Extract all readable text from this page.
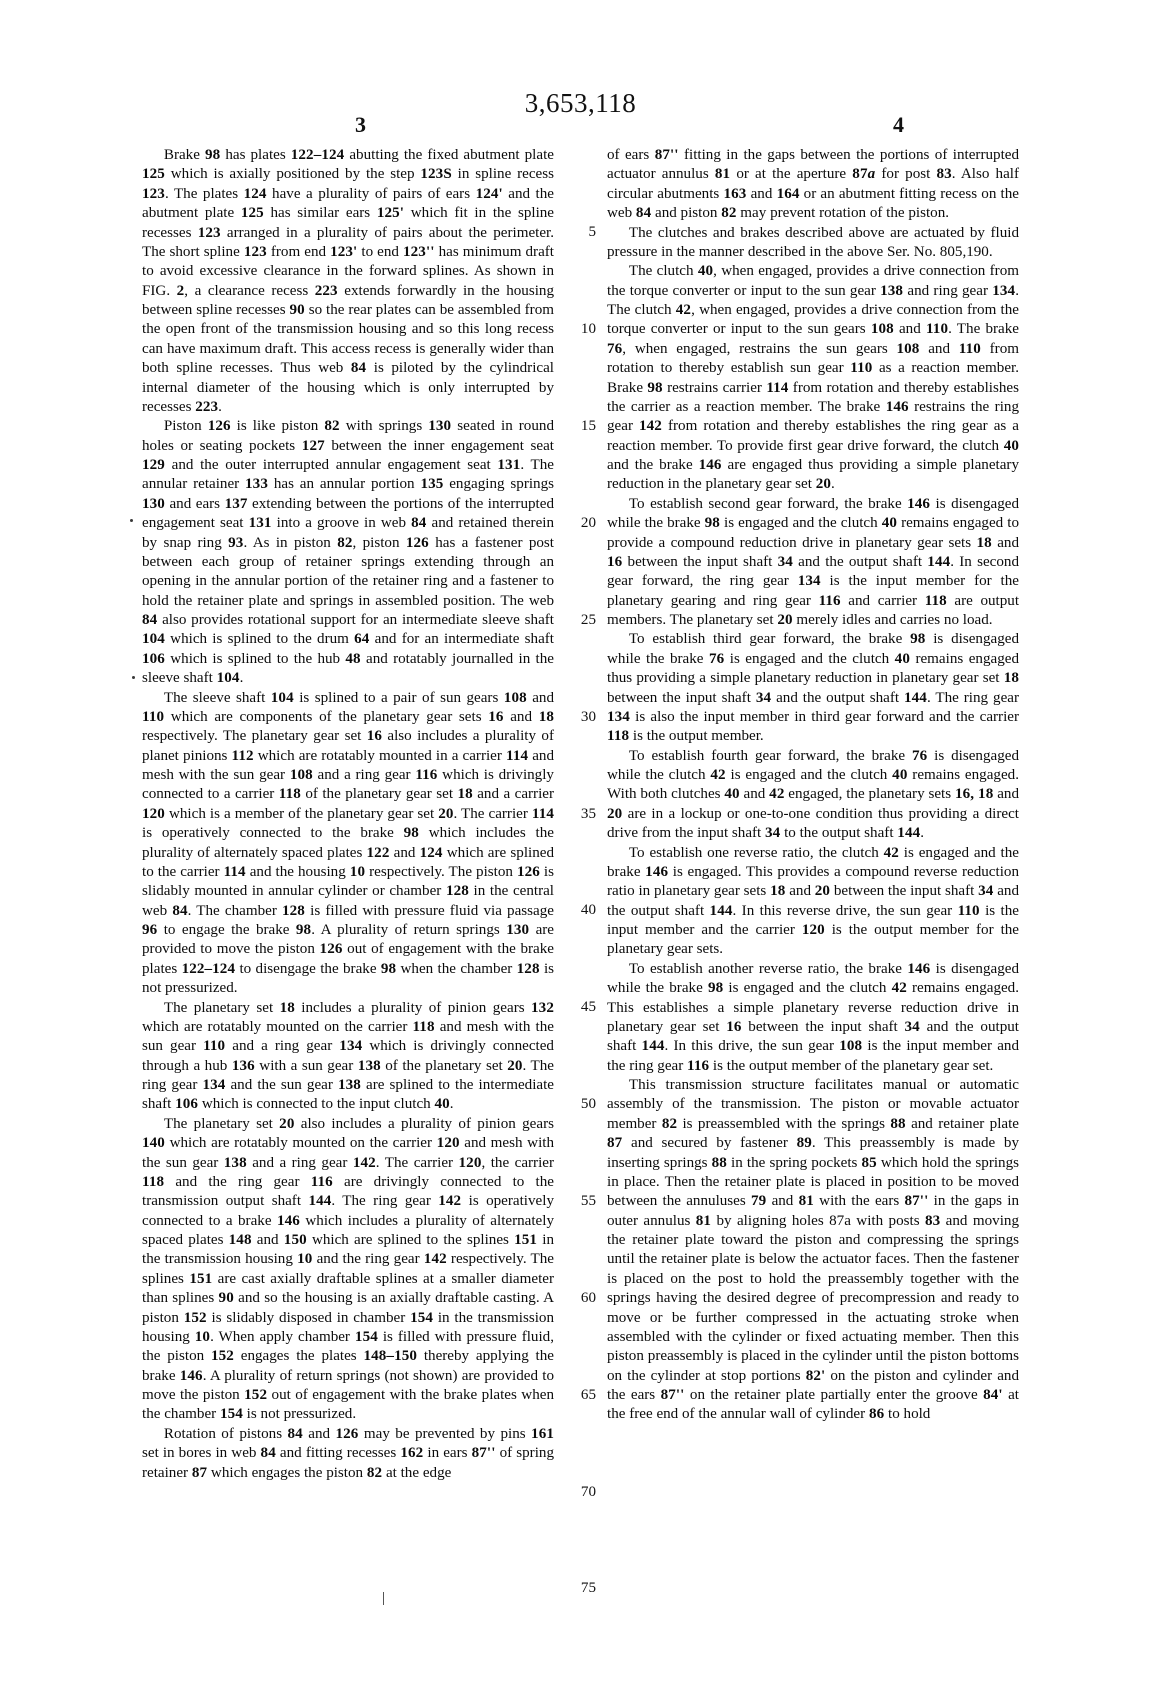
3,653,118
3	4
5
10
15
20
25
30
35
40
45
50
55
60
65
70
75

Brake 98 has plates 122–124 abutting the fixed abutment plate 125 which is axially positioned by the step 123S in spline recess 123. The plates 124 have a plurality of pairs of ears 124' and the abutment plate 125 has similar ears 125' which fit in the spline recesses 123 arranged in a plurality of pairs about the perimeter. The short spline 123 from end 123' to end 123'' has minimum draft to avoid excessive clearance in the forward splines. As shown in FIG. 2, a clearance recess 223 extends forwardly in the housing between spline recesses 90 so the rear plates can be assembled from the open front of the transmission housing and so this long recess can have maximum draft. This access recess is generally wider than both spline recesses. Thus web 84 is piloted by the cylindrical internal diameter of the housing which is only interrupted by recesses 223.

Piston 126 is like piston 82 with springs 130 seated in round holes or seating pockets 127 between the inner engagement seat 129 and the outer interrupted annular engagement seat 131. The annular retainer 133 has an annular portion 135 engaging springs 130 and ears 137 extending between the portions of the interrupted engagement seat 131 into a groove in web 84 and retained therein by snap ring 93. As in piston 82, piston 126 has a fastener post between each group of retainer springs extending through an opening in the annular portion of the retainer ring and a fastener to hold the retainer plate and springs in assembled position. The web 84 also provides rotational support for an intermediate sleeve shaft 104 which is splined to the drum 64 and for an intermediate shaft 106 which is splined to the hub 48 and rotatably journalled in the sleeve shaft 104.

The sleeve shaft 104 is splined to a pair of sun gears 108 and 110 which are components of the planetary gear sets 16 and 18 respectively. The planetary gear set 16 also includes a plurality of planet pinions 112 which are rotatably mounted in a carrier 114 and mesh with the sun gear 108 and a ring gear 116 which is drivingly connected to a carrier 118 of the planetary gear set 18 and a carrier 120 which is a member of the planetary gear set 20. The carrier 114 is operatively connected to the brake 98 which includes the plurality of alternately spaced plates 122 and 124 which are splined to the carrier 114 and the housing 10 respectively. The piston 126 is slidably mounted in annular cylinder or chamber 128 in the central web 84. The chamber 128 is filled with pressure fluid via passage 96 to engage the brake 98. A plurality of return springs 130 are provided to move the piston 126 out of engagement with the brake plates 122–124 to disengage the brake 98 when the chamber 128 is not pressurized.

The planetary set 18 includes a plurality of pinion gears 132 which are rotatably mounted on the carrier 118 and mesh with the sun gear 110 and a ring gear 134 which is drivingly connected through a hub 136 with a sun gear 138 of the planetary set 20. The ring gear 134 and the sun gear 138 are splined to the intermediate shaft 106 which is connected to the input clutch 40.

The planetary set 20 also includes a plurality of pinion gears 140 which are rotatably mounted on the carrier 120 and mesh with the sun gear 138 and a ring gear 142. The carrier 120, the carrier 118 and the ring gear 116 are drivingly connected to the transmission output shaft 144. The ring gear 142 is operatively connected to a brake 146 which includes a plurality of alternately spaced plates 148 and 150 which are splined to the splines 151 in the transmission housing 10 and the ring gear 142 respectively. The splines 151 are cast axially draftable splines at a smaller diameter than splines 90 and so the housing is an axially draftable casting. A piston 152 is slidably disposed in chamber 154 in the transmission housing 10. When apply chamber 154 is filled with pressure fluid, the piston 152 engages the plates 148–150 thereby applying the brake 146. A plurality of return springs (not shown) are provided to move the piston 152 out of engagement with the brake plates when the chamber 154 is not pressurized.

Rotation of pistons 84 and 126 may be prevented by pins 161 set in bores in web 84 and fitting recesses 162 in ears 87'' of spring retainer 87 which engages the piston 82 at the edge

of ears 87'' fitting in the gaps between the portions of interrupted actuator annulus 81 or at the aperture 87a for post 83. Also half circular abutments 163 and 164 or an abutment fitting recess on the web 84 and piston 82 may prevent rotation of the piston.

The clutches and brakes described above are actuated by fluid pressure in the manner described in the above Ser. No. 805,190.

The clutch 40, when engaged, provides a drive connection from the torque converter or input to the sun gear 138 and ring gear 134. The clutch 42, when engaged, provides a drive connection from the torque converter or input to the sun gears 108 and 110. The brake 76, when engaged, restrains the sun gears 108 and 110 from rotation to thereby establish sun gear 110 as a reaction member. Brake 98 restrains carrier 114 from rotation and thereby establishes the carrier as a reaction member. The brake 146 restrains the ring gear 142 from rotation and thereby establishes the ring gear as a reaction member. To provide first gear drive forward, the clutch 40 and the brake 146 are engaged thus providing a simple planetary reduction in the planetary gear set 20.

To establish second gear forward, the brake 146 is disengaged while the brake 98 is engaged and the clutch 40 remains engaged to provide a compound reduction drive in planetary gear sets 18 and 16 between the input shaft 34 and the output shaft 144. In second gear forward, the ring gear 134 is the input member for the planetary gearing and ring gear 116 and carrier 118 are output members. The planetary set 20 merely idles and carries no load.

To establish third gear forward, the brake 98 is disengaged while the brake 76 is engaged and the clutch 40 remains engaged thus providing a simple planetary reduction in planetary gear set 18 between the input shaft 34 and the output shaft 144. The ring gear 134 is also the input member in third gear forward and the carrier 118 is the output member.

To establish fourth gear forward, the brake 76 is disengaged while the clutch 42 is engaged and the clutch 40 remains engaged. With both clutches 40 and 42 engaged, the planetary sets 16, 18 and 20 are in a lockup or one-to-one condition thus providing a direct drive from the input shaft 34 to the output shaft 144.

To establish one reverse ratio, the clutch 42 is engaged and the brake 146 is engaged. This provides a compound reverse reduction ratio in planetary gear sets 18 and 20 between the input shaft 34 and the output shaft 144. In this reverse drive, the sun gear 110 is the input member and the carrier 120 is the output member for the planetary gear sets.

To establish another reverse ratio, the brake 146 is disengaged while the brake 98 is engaged and the clutch 42 remains engaged. This establishes a simple planetary reverse reduction drive in planetary gear set 16 between the input shaft 34 and the output shaft 144. In this drive, the sun gear 108 is the input member and the ring gear 116 is the output member of the planetary gear set.

This transmission structure facilitates manual or automatic assembly of the transmission. The piston or movable actuator member 82 is preassembled with the springs 88 and retainer plate 87 and secured by fastener 89. This preassembly is made by inserting springs 88 in the spring pockets 85 which hold the springs in place. Then the retainer plate is placed in position to be moved between the annuluses 79 and 81 with the ears 87'' in the gaps in outer annulus 81 by aligning holes 87a with posts 83 and moving the retainer plate toward the piston and compressing the springs until the retainer plate is below the actuator faces. Then the fastener is placed on the post to hold the preassembly together with the springs having the desired degree of precompression and ready to move or be further compressed in the actuating stroke when assembled with the cylinder or fixed actuating member. Then this piston preassembly is placed in the cylinder until the piston bottoms on the cylinder at stop portions 82' on the piston and cylinder and the ears 87'' on the retainer plate partially enter the groove 84' at the free end of the annular wall of cylinder 86 to hold
